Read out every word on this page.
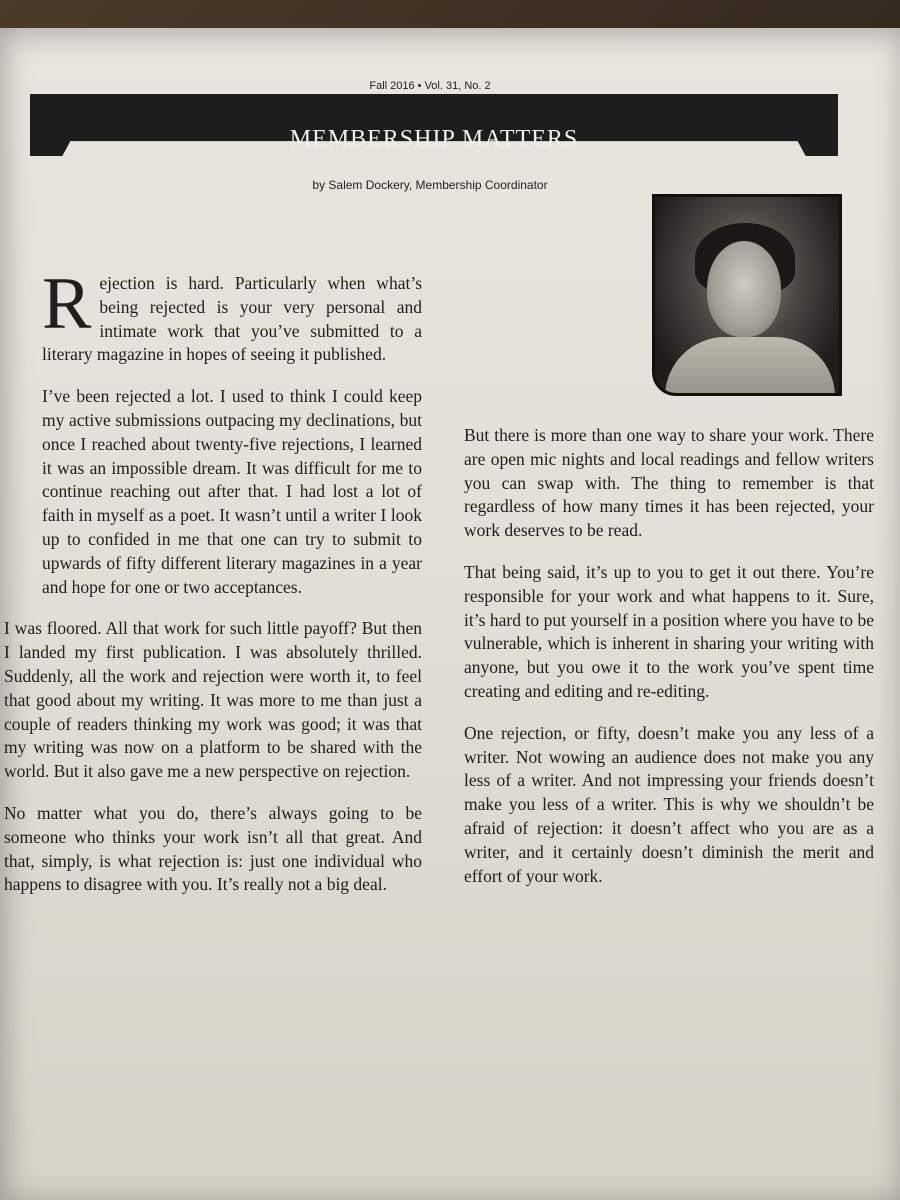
Fall 2016 • Vol. 31, No. 2
MEMBERSHIP MATTERS
by Salem Dockery, Membership Coordinator

Rejection is hard. Particularly when what’s being rejected is your very personal and intimate work that you’ve submitted to a literary magazine in hopes of seeing it published.

I’ve been rejected a lot. I used to think I could keep my active submissions outpacing my declinations, but once I reached about twenty-five rejections, I learned it was an impossible dream. It was difficult for me to continue reaching out after that. I had lost a lot of faith in myself as a poet. It wasn’t until a writer I look up to confided in me that one can try to submit to upwards of fifty different literary magazines in a year and hope for one or two acceptances.

I was floored. All that work for such little payoff? But then I landed my first publication. I was absolutely thrilled. Suddenly, all the work and rejection were worth it, to feel that good about my writing. It was more to me than just a couple of readers thinking my work was good; it was that my writing was now on a platform to be shared with the world. But it also gave me a new perspective on rejection.

No matter what you do, there’s always going to be someone who thinks your work isn’t all that great. And that, simply, is what rejection is: just one individual who happens to disagree with you. It’s really not a big deal.

But there is more than one way to share your work. There are open mic nights and local readings and fellow writers you can swap with. The thing to remember is that regardless of how many times it has been rejected, your work deserves to be read.

That being said, it’s up to you to get it out there. You’re responsible for your work and what happens to it. Sure, it’s hard to put yourself in a position where you have to be vulnerable, which is inherent in sharing your writing with anyone, but you owe it to the work you’ve spent time creating and editing and re-editing.

One rejection, or fifty, doesn’t make you any less of a writer. Not wowing an audience does not make you any less of a writer. And not impressing your friends doesn’t make you less of a writer. This is why we shouldn’t be afraid of rejection: it doesn’t affect who you are as a writer, and it certainly doesn’t diminish the merit and effort of your work.
